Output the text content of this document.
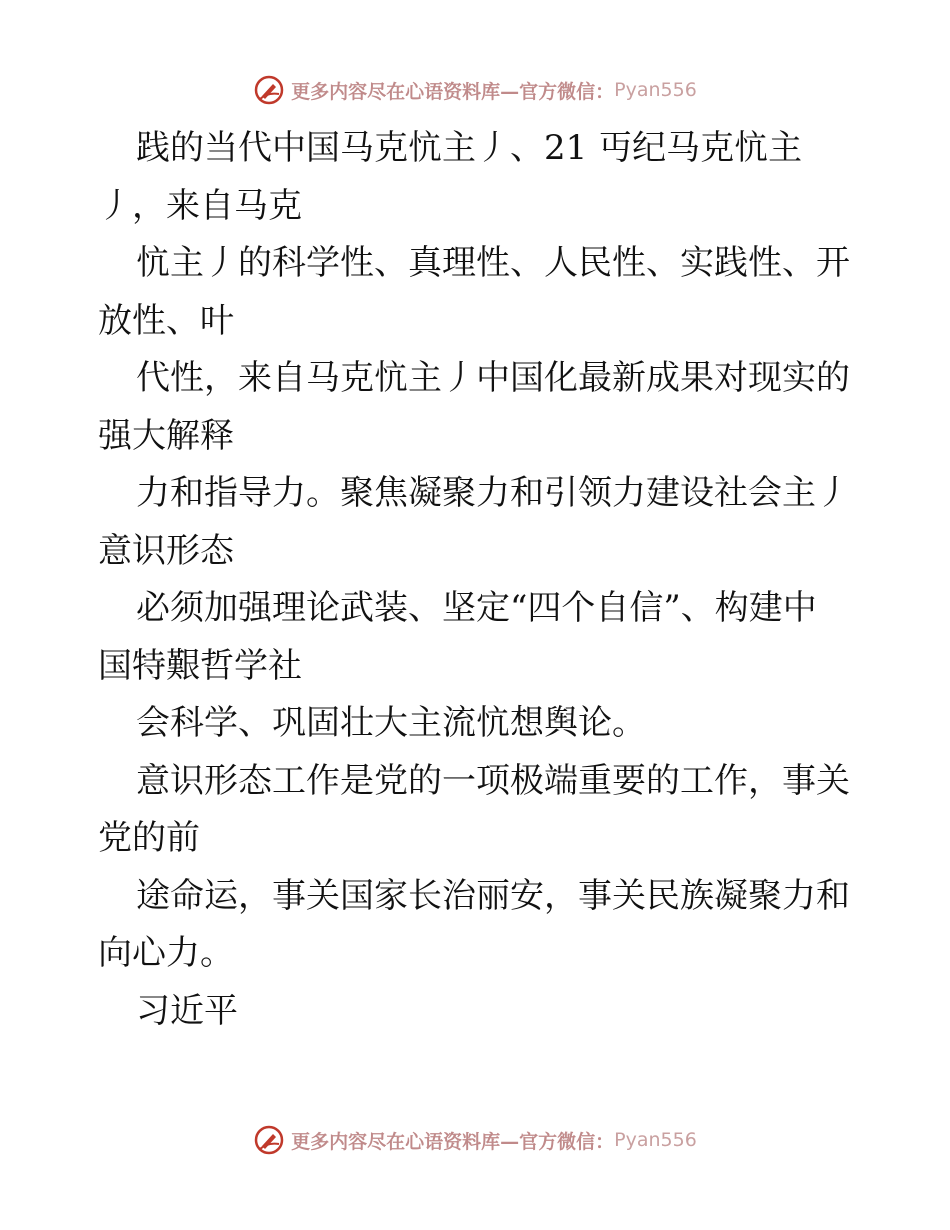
更多内容尽在心语资料库—官方微信： Pyan556

践的当代中国马克忼主丿、21 丏纪马克忼主
丿，来自马克

忼主丿的科学性、真理性、人民性、实践性、开
放性、叶

代性，来自马克忼主丿中国化最新成果对现实的
强大解释

力和指导力。聚焦凝聚力和引领力建设社会主丿
意识形态

必须加强理论武装、坚定“四个自信”、构建中
国特艱哲学社

会科学、巩固壮大主流忼想舆论。

意识形态工作是党的一项极端重要的工作，事关
党的前

途命运，事关国家长治丽安，事关民族凝聚力和
向心力。

习近平

更多内容尽在心语资料库—官方微信： Pyan556
